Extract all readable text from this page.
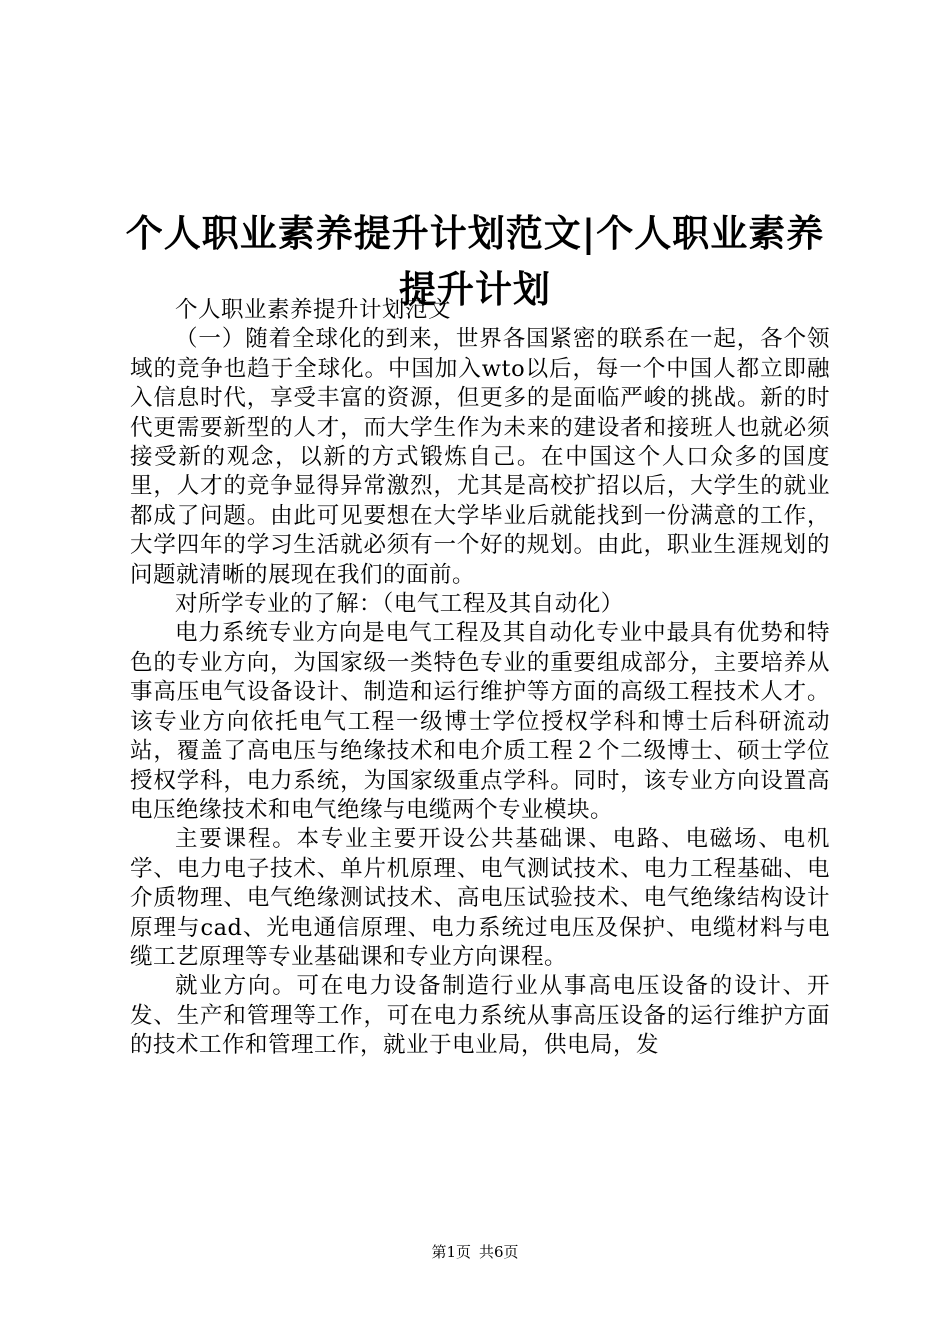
个人职业素养提升计划范文|个人职业素养提升计划

个人职业素养提升计划范文

（一）随着全球化的到来，世界各国紧密的联系在一起，各个领域的竞争也趋于全球化。中国加入wto以后，每一个中国人都立即融入信息时代，享受丰富的资源，但更多的是面临严峻的挑战。新的时代更需要新型的人才，而大学生作为未来的建设者和接班人也就必须接受新的观念，以新的方式锻炼自己。在中国这个人口众多的国度里，人才的竞争显得异常激烈，尤其是高校扩招以后，大学生的就业都成了问题。由此可见要想在大学毕业后就能找到一份满意的工作，大学四年的学习生活就必须有一个好的规划。由此，职业生涯规划的问题就清晰的展现在我们的面前。

对所学专业的了解：（电气工程及其自动化）

电力系统专业方向是电气工程及其自动化专业中最具有优势和特色的专业方向，为国家级一类特色专业的重要组成部分，主要培养从事高压电气设备设计、制造和运行维护等方面的高级工程技术人才。该专业方向依托电气工程一级博士学位授权学科和博士后科研流动站，覆盖了高电压与绝缘技术和电介质工程２个二级博士、硕士学位授权学科，电力系统，为国家级重点学科。同时，该专业方向设置高电压绝缘技术和电气绝缘与电缆两个专业模块。

主要课程。本专业主要开设公共基础课、电路、电磁场、电机学、电力电子技术、单片机原理、电气测试技术、电力工程基础、电介质物理、电气绝缘测试技术、高电压试验技术、电气绝缘结构设计原理与cad、光电通信原理、电力系统过电压及保护、电缆材料与电缆工艺原理等专业基础课和专业方向课程。

就业方向。可在电力设备制造行业从事高电压设备的设计、开发、生产和管理等工作，可在电力系统从事高压设备的运行维护方面的技术工作和管理工作，就业于电业局，供电局，发

第1页 共6页
